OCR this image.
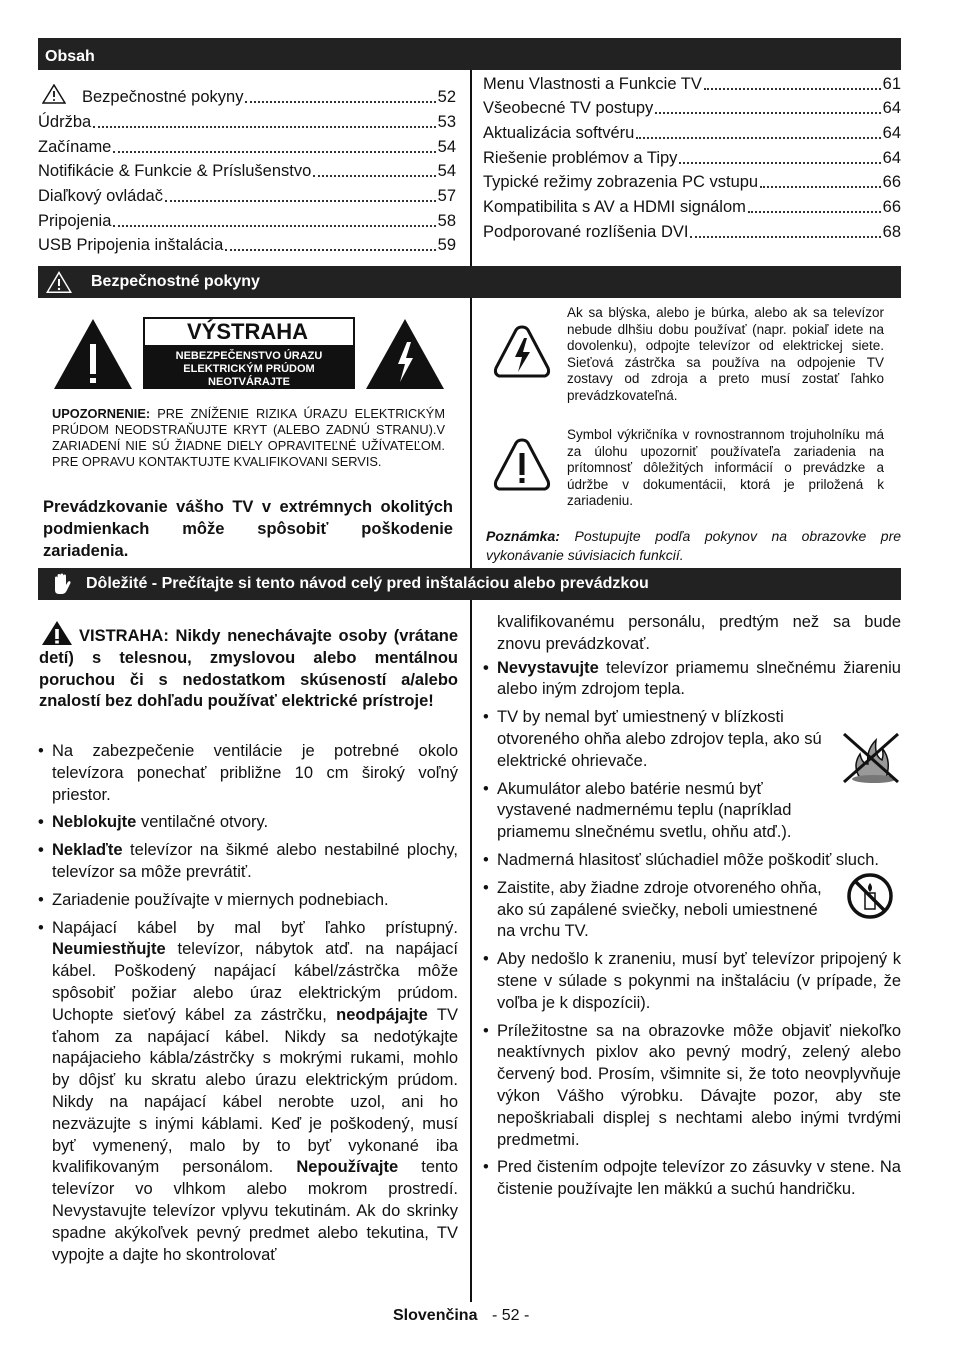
Obsah
Bezpečnostné pokyny	52
Údržba	53
Začíname	54
Notifikácie & Funkcie & Príslušenstvo	54
Diaľkový ovládač	57
Pripojenia	58
USB Pripojenia inštalácia	59
Menu Vlastnosti a Funkcie TV	61
Všeobecné TV postupy	64
Aktualizácia softvéru	64
Riešenie problémov a Tipy	64
Typické režimy zobrazenia PC vstupu	66
Kompatibilita s AV a HDMI signálom	66
Podporované rozlíšenia DVI	68
Bezpečnostné pokyny
VÝSTRAHA
NEBEZPEČENSTVO ÚRAZU
ELEKTRICKÝM PRÚDOM
NEOTVÁRAJTE
UPOZORNENIE: PRE ZNÍŽENIE RIZIKA ÚRAZU ELEKTRICKÝM PRÚDOM NEODSTRAŇUJTE KRYT (ALEBO ZADNÚ STRANU).V ZARIADENÍ NIE SÚ ŽIADNE DIELY OPRAVITEĽNÉ UŽÍVATEĽOM. PRE OPRAVU KONTAKTUJTE KVALIFIKOVANI SERVIS.
Prevádzkovanie vášho TV v extrémnych okolitých podmienkach môže spôsobiť poškodenie zariadenia.
Ak sa blýska, alebo je búrka, alebo ak sa televízor nebude dlhšiu dobu používať (napr. pokiaľ idete na dovolenku), odpojte televízor od elektrickej siete. Sieťová zástrčka sa používa na odpojenie TV zostavy od zdroja a preto musí zostať ľahko prevádzkovateľná.
Symbol výkričníka v rovnostrannom trojuholníku má za úlohu upozorniť používateľa zariadenia na prítomnosť dôležitých informácií o prevádzke a údržbe v dokumentácii, ktorá je priložená k zariadeniu.
Poznámka: Postupujte podľa pokynov na obrazovke pre vykonávanie súvisiacich funkcií.
Dôležité - Prečítajte si tento návod celý pred inštaláciou alebo prevádzkou
VISTRAHA: Nikdy nenechávajte osoby (vrátane detí) s telesnou, zmyslovou alebo mentálnou poruchou či s nedostatkom skúseností a/alebo znalostí bez dohľadu používať elektrické prístroje!
• Na zabezpečenie ventilácie je potrebné okolo televízora ponechať približne 10 cm široký voľný priestor.
• Neblokujte ventilačné otvory.
• Neklaďte televízor na šikmé alebo nestabilné plochy, televízor sa môže prevrátiť.
• Zariadenie používajte v miernych podnebiach.
• Napájací kábel by mal byť ľahko prístupný. Neumiestňujte televízor, nábytok atď. na napájací kábel. Poškodený napájací kábel/zástrčka môže spôsobiť požiar alebo úraz elektrickým prúdom. Uchopte sieťový kábel za zástrčku, neodpájajte TV ťahom za napájací kábel. Nikdy sa nedotýkajte napájacieho kábla/zástrčky s mokrými rukami, mohlo by dôjsť ku skratu alebo úrazu elektrickým prúdom. Nikdy na napájací kábel nerobte uzol, ani ho nezväzujte s inými káblami. Keď je poškodený, musí byť vymenený, malo by to byť vykonané iba kvalifikovaným personálom. Nepoužívajte tento televízor vo vlhkom alebo mokrom prostredí. Nevystavujte televízor vplyvu tekutinám. Ak do skrinky spadne akýkoľvek pevný predmet alebo tekutina, TV vypojte a dajte ho skontrolovať
kvalifikovanému personálu, predtým než sa bude znovu prevádzkovať.
• Nevystavujte televízor priamemu slnečnému žiareniu alebo iným zdrojom tepla.
• TV by nemal byť umiestnený v blízkosti otvoreného ohňa alebo zdrojov tepla, ako sú elektrické ohrievače.
• Akumulátor alebo batérie nesmú byť vystavené nadmernému teplu (napríklad priamemu slnečnému svetlu, ohňu atď.).
• Nadmerná hlasitosť slúchadiel môže poškodiť sluch.
• Zaistite, aby žiadne zdroje otvoreného ohňa, ako sú zapálené sviečky, neboli umiestnené na vrchu TV.
• Aby nedošlo k zraneniu, musí byť televízor pripojený k stene v súlade s pokynmi na inštaláciu (v prípade, že voľba je k dispozícii).
• Príležitostne sa na obrazovke môže objaviť niekoľko neaktívnych pixlov ako pevný modrý, zelený alebo červený bod. Prosím, všimnite si, že toto neovplyvňuje výkon Vášho výrobku. Dávajte pozor, aby ste nepoškriabali displej s nechtami alebo inými tvrdými predmetmi.
• Pred čistením odpojte televízor zo zásuvky v stene. Na čistenie používajte len mäkkú a suchú handričku.
Slovenčina - 52 -
